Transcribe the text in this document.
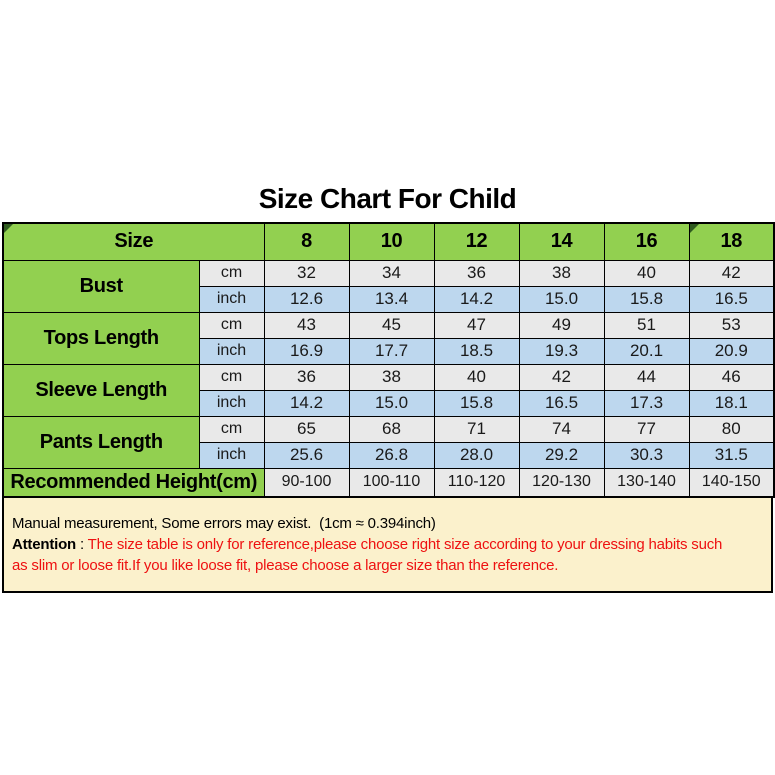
Size Chart For Child
Size		8	10	12	14	16	18
Bust	cm	32	34	36	38	40	42
	inch	12.6	13.4	14.2	15.0	15.8	16.5
Tops Length	cm	43	45	47	49	51	53
	inch	16.9	17.7	18.5	19.3	20.1	20.9
Sleeve Length	cm	36	38	40	42	44	46
	inch	14.2	15.0	15.8	16.5	17.3	18.1
Pants Length	cm	65	68	71	74	77	80
	inch	25.6	26.8	28.0	29.2	30.3	31.5
Recommended Height(cm)		90-100	100-110	110-120	120-130	130-140	140-150
Manual measurement, Some errors may exist.  (1cm ≈ 0.394inch)
Attention : The size table is only for reference,please choose right size according to your dressing habits such
as slim or loose fit.If you like loose fit, please choose a larger size than the reference.
